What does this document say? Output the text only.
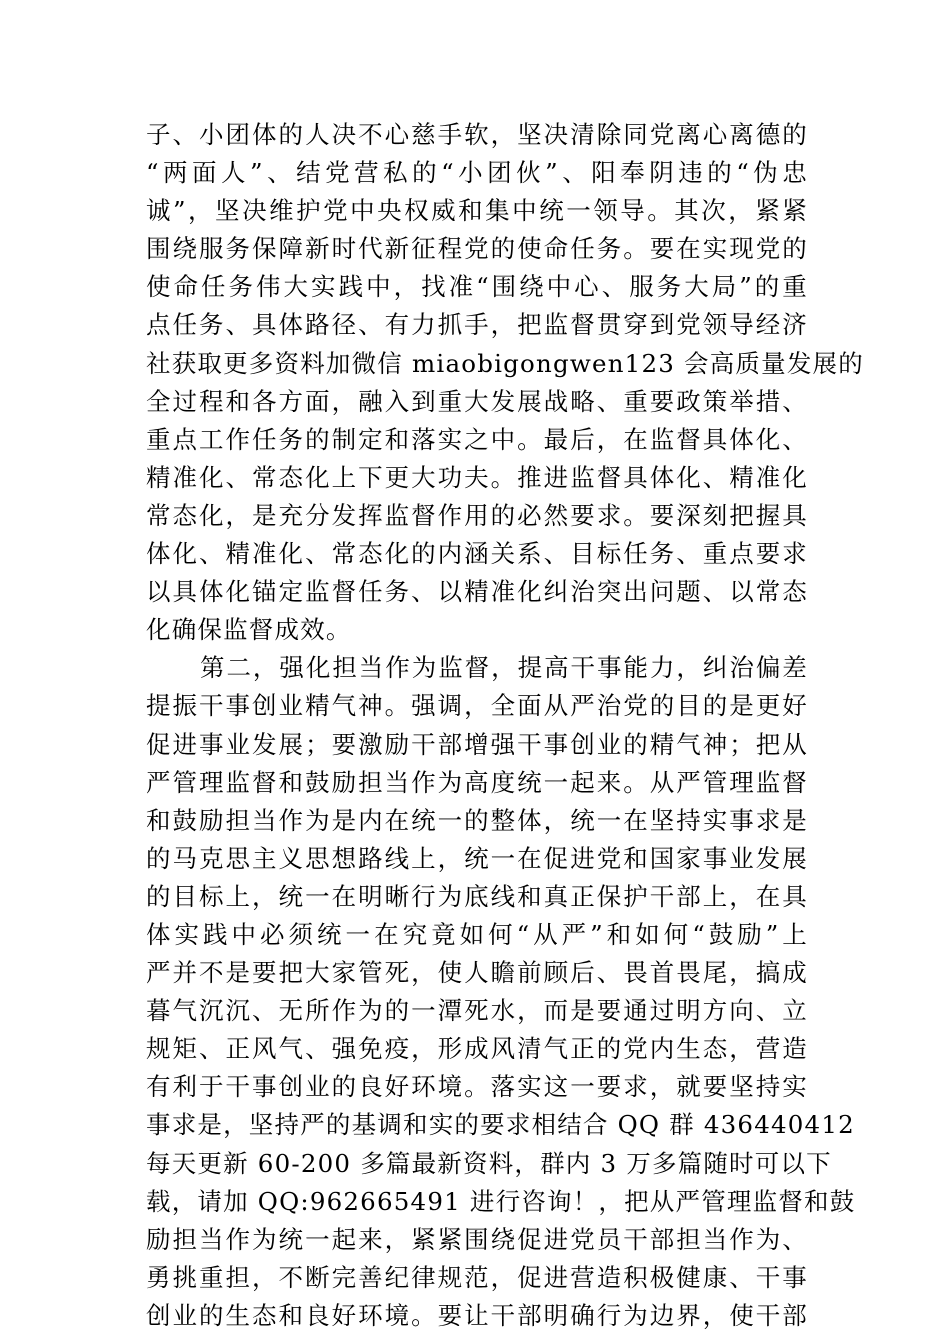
子、小团体的人决不心慈手软，坚决清除同党离心离德的
“两面人”、结党营私的“小团伙”、阳奉阴违的“伪忠
诚”，坚决维护党中央权威和集中统一领导。其次，紧紧
围绕服务保障新时代新征程党的使命任务。要在实现党的
使命任务伟大实践中，找准“围绕中心、服务大局”的重
点任务、具体路径、有力抓手，把监督贯穿到党领导经济
社获取更多资料加微信 miaobigongwen123 会高质量发展的
全过程和各方面，融入到重大发展战略、重要政策举措、
重点工作任务的制定和落实之中。最后，在监督具体化、
精准化、常态化上下更大功夫。推进监督具体化、精准化
常态化，是充分发挥监督作用的必然要求。要深刻把握具
体化、精准化、常态化的内涵关系、目标任务、重点要求
以具体化锚定监督任务、以精准化纠治突出问题、以常态
化确保监督成效。
第二，强化担当作为监督，提高干事能力，纠治偏差
提振干事创业精气神。强调，全面从严治党的目的是更好
促进事业发展；要激励干部增强干事创业的精气神；把从
严管理监督和鼓励担当作为高度统一起来。从严管理监督
和鼓励担当作为是内在统一的整体，统一在坚持实事求是
的马克思主义思想路线上，统一在促进党和国家事业发展
的目标上，统一在明晰行为底线和真正保护干部上，在具
体实践中必须统一在究竟如何“从严”和如何“鼓励”上
严并不是要把大家管死，使人瞻前顾后、畏首畏尾，搞成
暮气沉沉、无所作为的一潭死水，而是要通过明方向、立
规矩、正风气、强免疫，形成风清气正的党内生态，营造
有利于干事创业的良好环境。落实这一要求，就要坚持实
事求是，坚持严的基调和实的要求相结合 QQ 群 436440412
每天更新 60-200 多篇最新资料，群内 3 万多篇随时可以下
载，请加 QQ:962665491 进行咨询！，把从严管理监督和鼓
励担当作为统一起来，紧紧围绕促进党员干部担当作为、
勇挑重担，不断完善纪律规范，促进营造积极健康、干事
创业的生态和良好环境。要让干部明确行为边界，使干部
